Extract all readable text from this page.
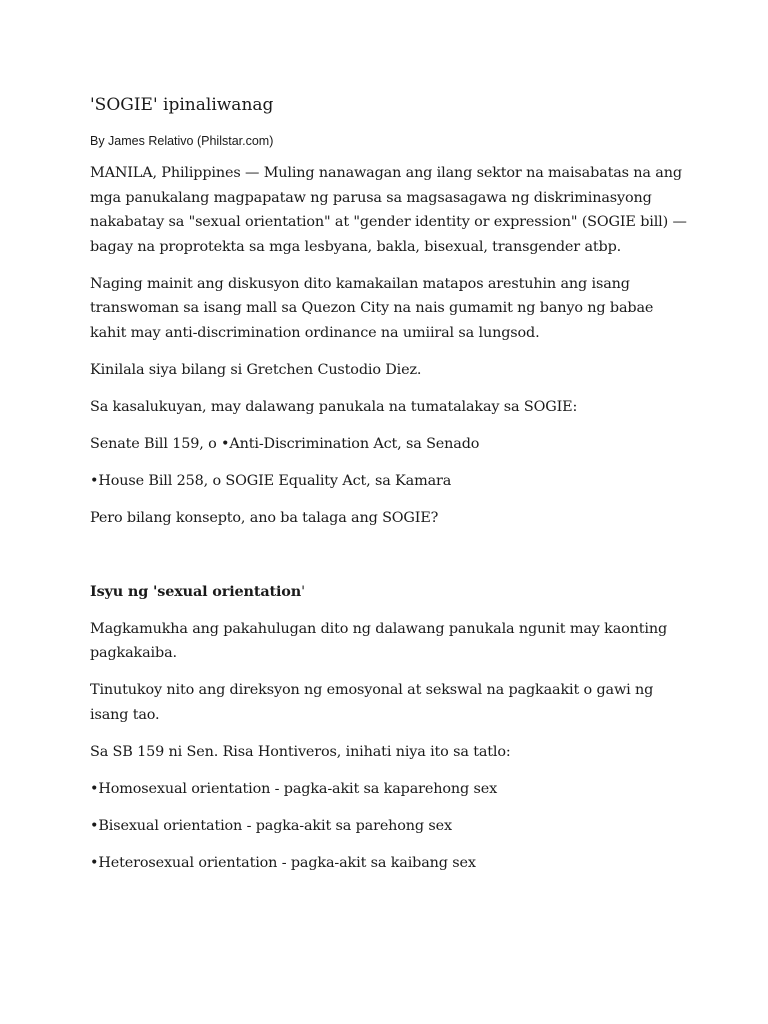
'SOGIE' ipinaliwanag
By James Relativo (Philstar.com)

MANILA, Philippines — Muling nanawagan ang ilang sektor na maisabatas na ang mga panukalang magpapataw ng parusa sa magsasagawa ng diskriminasyong nakabatay sa "sexual orientation" at "gender identity or expression" (SOGIE bill) — bagay na proprotekta sa mga lesbyana, bakla, bisexual, transgender atbp.

Naging mainit ang diskusyon dito kamakailan matapos arestuhin ang isang transwoman sa isang mall sa Quezon City na nais gumamit ng banyo ng babae kahit may anti-discrimination ordinance na umiiral sa lungsod.

Kinilala siya bilang si Gretchen Custodio Diez.

Sa kasalukuyan, may dalawang panukala na tumatalakay sa SOGIE:

Senate Bill 159, o •Anti-Discrimination Act, sa Senado

•House Bill 258, o SOGIE Equality Act, sa Kamara

Pero bilang konsepto, ano ba talaga ang SOGIE?

Isyu ng 'sexual orientation'

Magkamukha ang pakahulugan dito ng dalawang panukala ngunit may kaonting pagkakaiba.

Tinutukoy nito ang direksyon ng emosyonal at sekswal na pagkaakit o gawi ng isang tao.

Sa SB 159 ni Sen. Risa Hontiveros, inihati niya ito sa tatlo:

•Homosexual orientation - pagka-akit sa kaparehong sex

•Bisexual orientation - pagka-akit sa parehong sex

•Heterosexual orientation - pagka-akit sa kaibang sex
